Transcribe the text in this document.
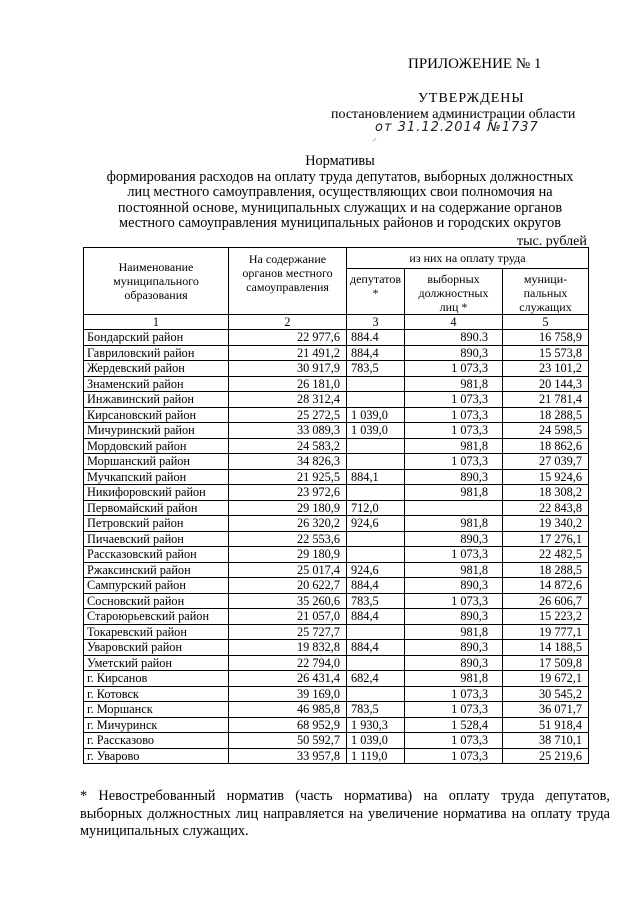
ПРИЛОЖЕНИЕ № 1
УТВЕРЖДЕНЫ
постановлением администрации области
от 31.12.2014 №1737
⸍
Нормативы
формирования расходов на оплату труда депутатов, выборных должностных
лиц местного самоуправления, осуществляющих свои полномочия на
постоянной основе, муниципальных служащих и на содержание органов
местного самоуправления муниципальных районов и городских округов
тыс. рублей
Наименование муниципального образования	На содержание органов местного самоуправления	из них на оплату труда		
		депутатов *	выборных должностных лиц *	муници-пальных служащих
1	2	3	4	5
Бондарский район	22 977,6	884.4	890.3	16 758,9
Гавриловский район	21 491,2	884,4	890,3	15 573,8
Жердевский район	30 917,9	783,5	1 073,3	23 101,2
Знаменский район	26 181,0		981,8	20 144,3
Инжавинский район	28 312,4		1 073,3	21 781,4
Кирсановский район	25 272,5	1 039,0	1 073,3	18 288,5
Мичуринский район	33 089,3	1 039,0	1 073,3	24 598,5
Мордовский район	24 583,2		981,8	18 862,6
Моршанский район	34 826,3		1 073,3	27 039,7
Мучкапский район	21 925,5	884,1	890,3	15 924,6
Никифоровский район	23 972,6		981,8	18 308,2
Первомайский район	29 180,9	712,0		22 843,8
Петровский район	26 320,2	924,6	981,8	19 340,2
Пичаевский район	22 553,6		890,3	17 276,1
Рассказовский район	29 180,9		1 073,3	22 482,5
Ржаксинский район	25 017,4	924,6	981,8	18 288,5
Сампурский район	20 622,7	884,4	890,3	14 872,6
Сосновский район	35 260,6	783,5	1 073,3	26 606,7
Староюрьевский район	21 057,0	884,4	890,3	15 223,2
Токаревский район	25 727,7		981,8	19 777,1
Уваровский район	19 832,8	884,4	890,3	14 188,5
Уметский район	22 794,0		890,3	17 509,8
г. Кирсанов	26 431,4	682,4	981,8	19 672,1
г. Котовск	39 169,0		1 073,3	30 545,2
г. Моршанск	46 985,8	783,5	1 073,3	36 071,7
г. Мичуринск	68 952,9	1 930,3	1 528,4	51 918,4
г. Рассказово	50 592,7	1 039,0	1 073,3	38 710,1
г. Уварово	33 957,8	1 119,0	1 073,3	25 219,6
* Невостребованный норматив (часть норматива) на оплату труда депутатов, выборных должностных лиц направляется на увеличение норматива на оплату труда муниципальных служащих.
